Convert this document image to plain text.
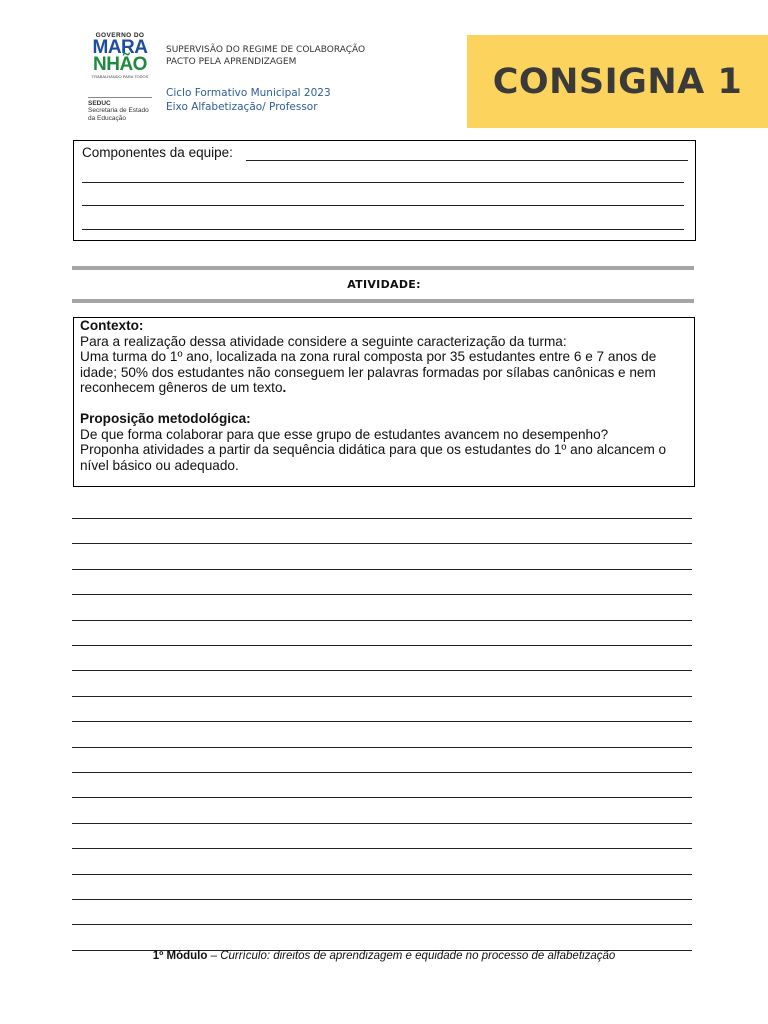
GOVERNO DO
MARA
NHÃO
TRABALHANDO PARA TODOS
SEDUC
Secretaria de Estado
da Educação
SUPERVISÃO DO REGIME DE COLABORAÇÃO
PACTO PELA APRENDIZAGEM
Ciclo Formativo Municipal 2023
Eixo Alfabetização/ Professor
CONSIGNA 1
Componentes da equipe:
ATIVIDADE:

Contexto:

Para a realização dessa atividade considere a seguinte caracterização da turma:

Uma turma do 1º ano, localizada na zona rural composta por 35 estudantes entre 6 e 7 anos de idade; 50% dos estudantes não conseguem ler palavras formadas por sílabas canônicas e nem reconhecem gêneros de um texto.

Proposição metodológica:

De que forma colaborar para que esse grupo de estudantes avancem no desempenho?

Proponha atividades a partir da sequência didática para que os estudantes do 1º ano alcancem o nível básico ou adequado.

1º Módulo – Currículo: direitos de aprendizagem e equidade no processo de alfabetização
